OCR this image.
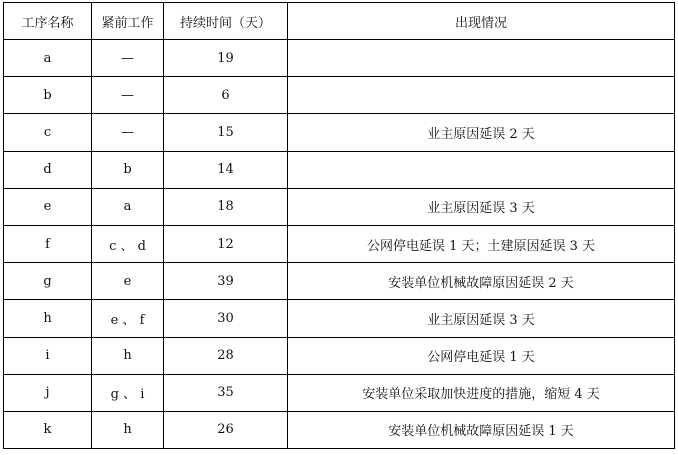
工序名称	紧前工作	持续时间（天）	出现情况
a	—	19	
b	—	6	
c	—	15	业主原因延误 2 天
d	b	14	
e	a	18	业主原因延误 3 天
f	c 、 d	12	公网停电延误 1 天；土建原因延误 3 天
g	e	39	安装单位机械故障原因延误 2 天
h	e 、 f	30	业主原因延误 3 天
i	h	28	公网停电延误 1 天
j	g 、 i	35	安装单位采取加快进度的措施，缩短 4 天
k	h	26	安装单位机械故障原因延误 1 天
